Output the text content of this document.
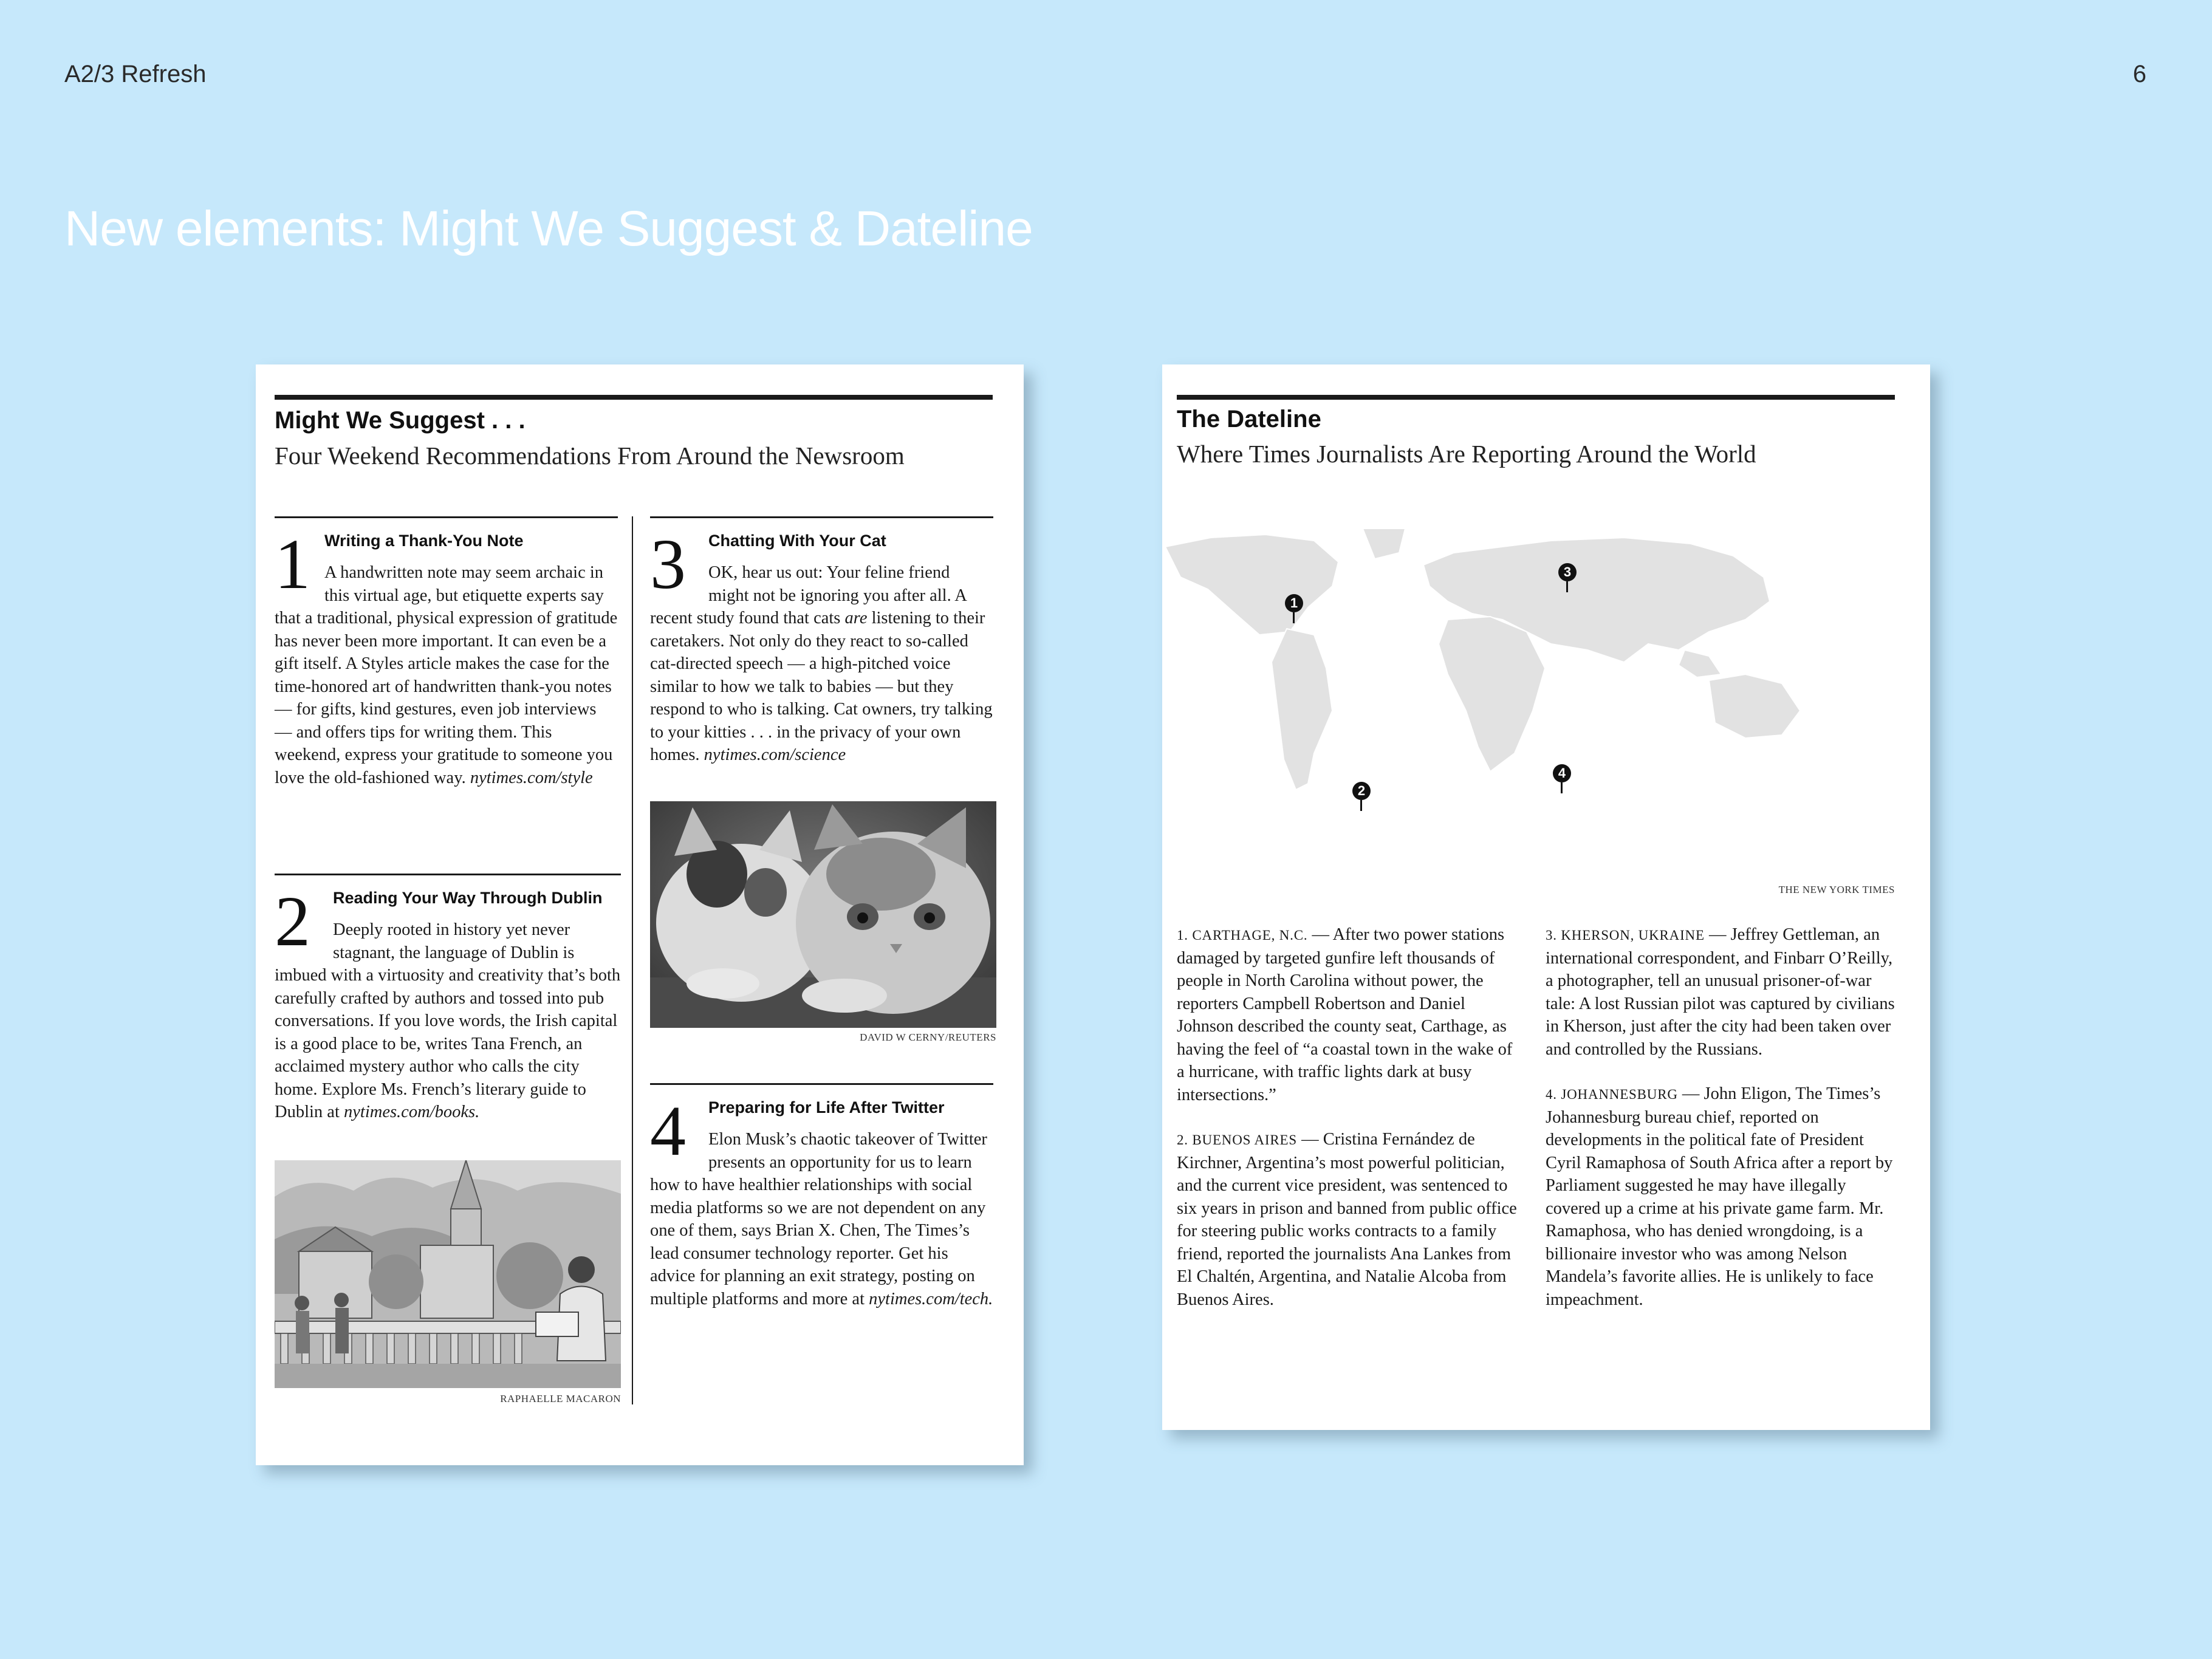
A2/3 Refresh	6
New elements: Might We Suggest & Dateline
Might We Suggest . . .
Four Weekend Recommendations From Around the Newsroom
1 Writing a Thank-You Note
A handwritten note may seem archaic in this virtual age, but etiquette experts say that a traditional, physical expression of gratitude has never been more important. It can even be a gift itself. A Styles article makes the case for the time-honored art of handwritten thank-you notes — for gifts, kind gestures, even job interviews — and offers tips for writing them. This weekend, express your gratitude to someone you love the old-fashioned way. nytimes.com/style
2	Reading Your Way Through Dublin
Deeply rooted in history yet never stagnant, the language of Dublin is imbued with a virtuosity and creativity that’s both carefully crafted by authors and tossed into pub conversations. If you love words, the Irish capital is a good place to be, writes Tana French, an acclaimed mystery author who calls the city home. Explore Ms. French’s literary guide to Dublin at nytimes.com/books.
RAPHAELLE MACARON
3	Chatting With Your Cat
OK, hear us out: Your feline friend might not be ignoring you after all. A recent study found that cats are listening to their caretakers. Not only do they react to so-called cat-directed speech — a high-pitched voice similar to how we talk to babies — but they respond to who is talking. Cat owners, try talking to your kitties . . . in the privacy of your own homes. nytimes.com/science
DAVID W CERNY/REUTERS
4	Preparing for Life After Twitter
Elon Musk’s chaotic takeover of Twitter presents an opportunity for us to learn how to have healthier relationships with social media platforms so we are not dependent on any one of them, says Brian X. Chen, The Times’s lead consumer technology reporter. Get his advice for planning an exit strategy, posting on multiple platforms and more at nytimes.com/tech.
The Dateline
Where Times Journalists Are Reporting Around the World
1
2
3
4
THE NEW YORK TIMES
1. CARTHAGE, N.C. — After two power stations damaged by targeted gunfire left thousands of people in North Carolina without power, the reporters Campbell Robertson and Daniel Johnson described the county seat, Carthage, as having the feel of “a coastal town in the wake of a hurricane, with traffic lights dark at busy intersections.”
2. BUENOS AIRES — Cristina Fernández de Kirchner, Argentina’s most powerful politician, and the current vice president, was sentenced to six years in prison and banned from public office for steering public works contracts to a family friend, reported the journalists Ana Lankes from El Chaltén, Argentina, and Natalie Alcoba from Buenos Aires.
3. KHERSON, UKRAINE — Jeffrey Gettleman, an international correspondent, and Finbarr O’Reilly, a photographer, tell an unusual prisoner-of-war tale: A lost Russian pilot was captured by civilians in Kherson, just after the city had been taken over and controlled by the Russians.
4. JOHANNESBURG — John Eligon, The Times’s Johannesburg bureau chief, reported on developments in the political fate of President Cyril Ramaphosa of South Africa after a report by Parliament suggested he may have illegally covered up a crime at his private game farm. Mr. Ramaphosa, who has denied wrongdoing, is a billionaire investor who was among Nelson Mandela’s favorite allies. He is unlikely to face impeachment.
